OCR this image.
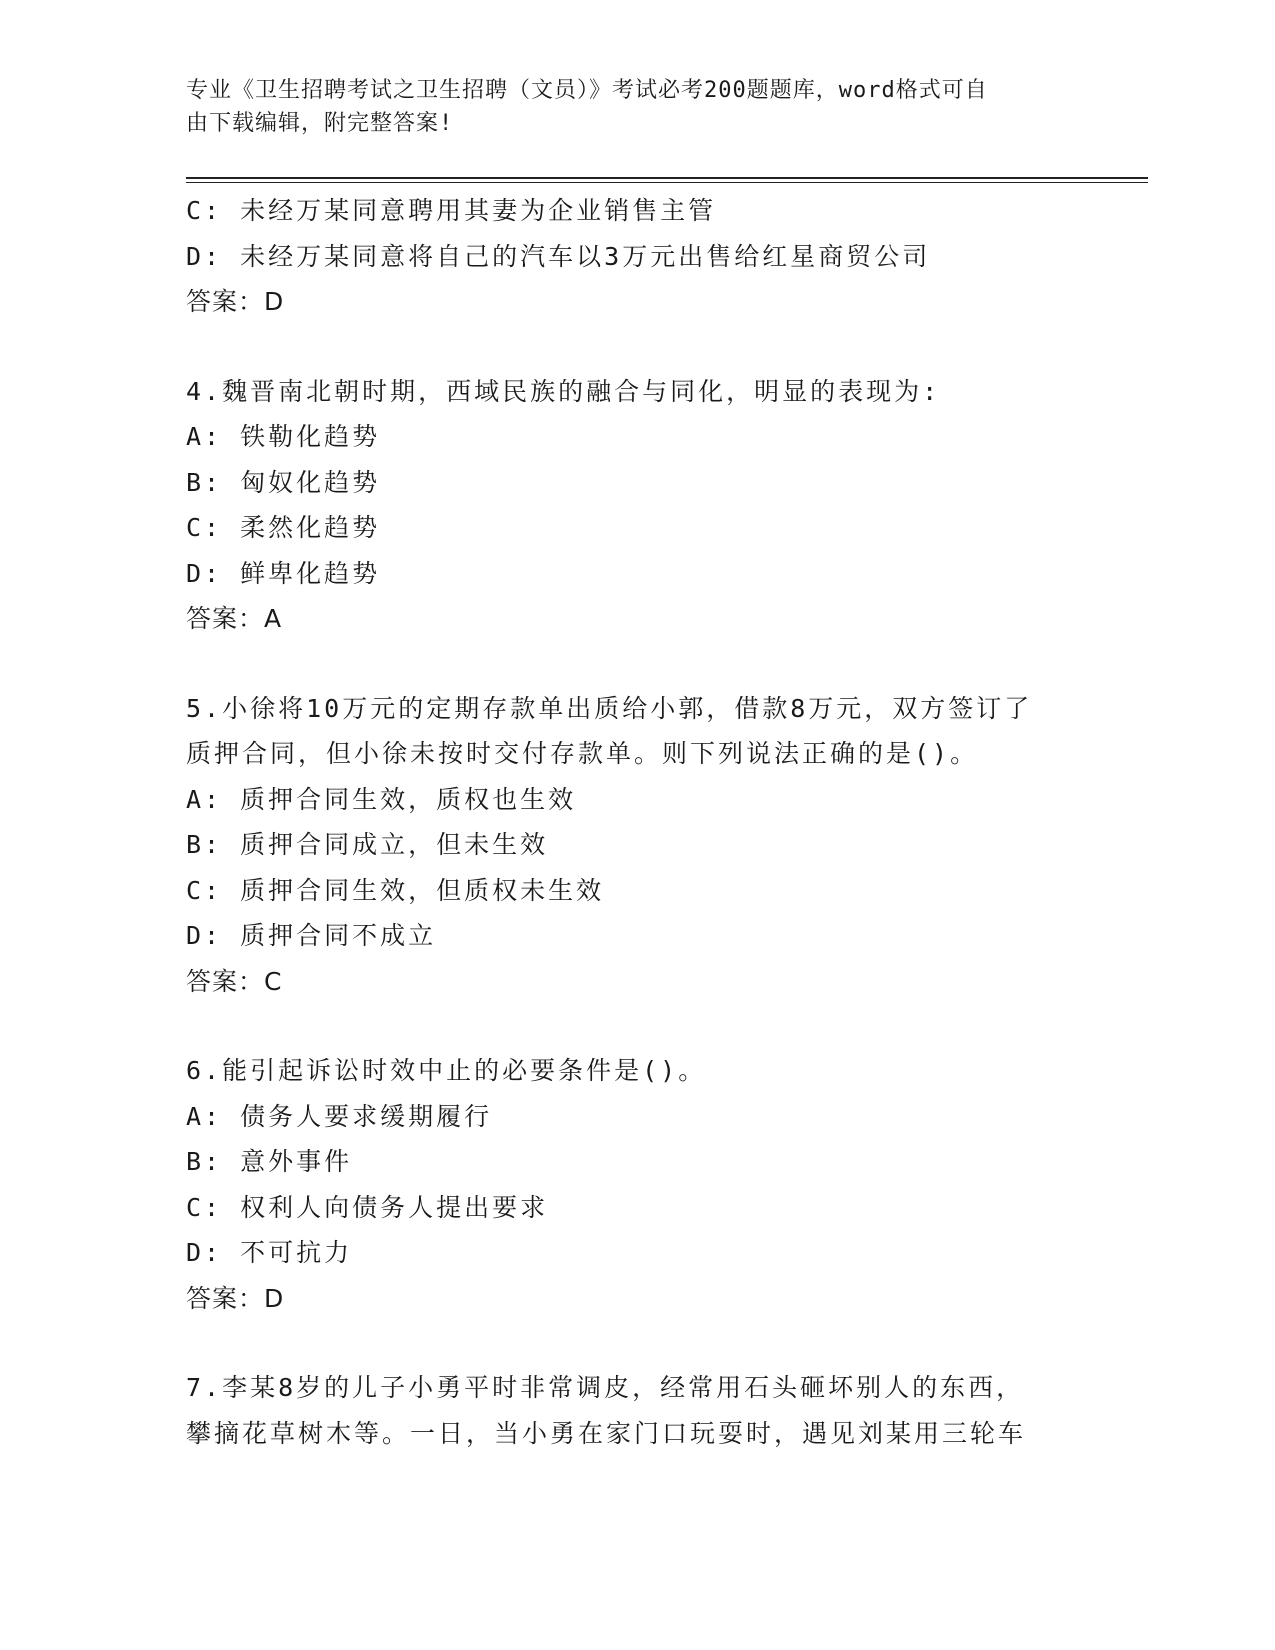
专业《卫生招聘考试之卫生招聘（文员）》考试必考200题题库，word格式可自
由下载编辑，附完整答案!
C: 未经万某同意聘用其妻为企业销售主管
D: 未经万某同意将自己的汽车以3万元出售给红星商贸公司
答案：D
4.魏晋南北朝时期，西域民族的融合与同化，明显的表现为:
A: 铁勒化趋势
B: 匈奴化趋势
C: 柔然化趋势
D: 鲜卑化趋势
答案：A
5.小徐将10万元的定期存款单出质给小郭，借款8万元，双方签订了
质押合同，但小徐未按时交付存款单。则下列说法正确的是()。
A: 质押合同生效，质权也生效
B: 质押合同成立，但未生效
C: 质押合同生效，但质权未生效
D: 质押合同不成立
答案：C
6.能引起诉讼时效中止的必要条件是()。
A: 债务人要求缓期履行
B: 意外事件
C: 权利人向债务人提出要求
D: 不可抗力
答案：D
7.李某8岁的儿子小勇平时非常调皮，经常用石头砸坏别人的东西，
攀摘花草树木等。一日，当小勇在家门口玩耍时，遇见刘某用三轮车
